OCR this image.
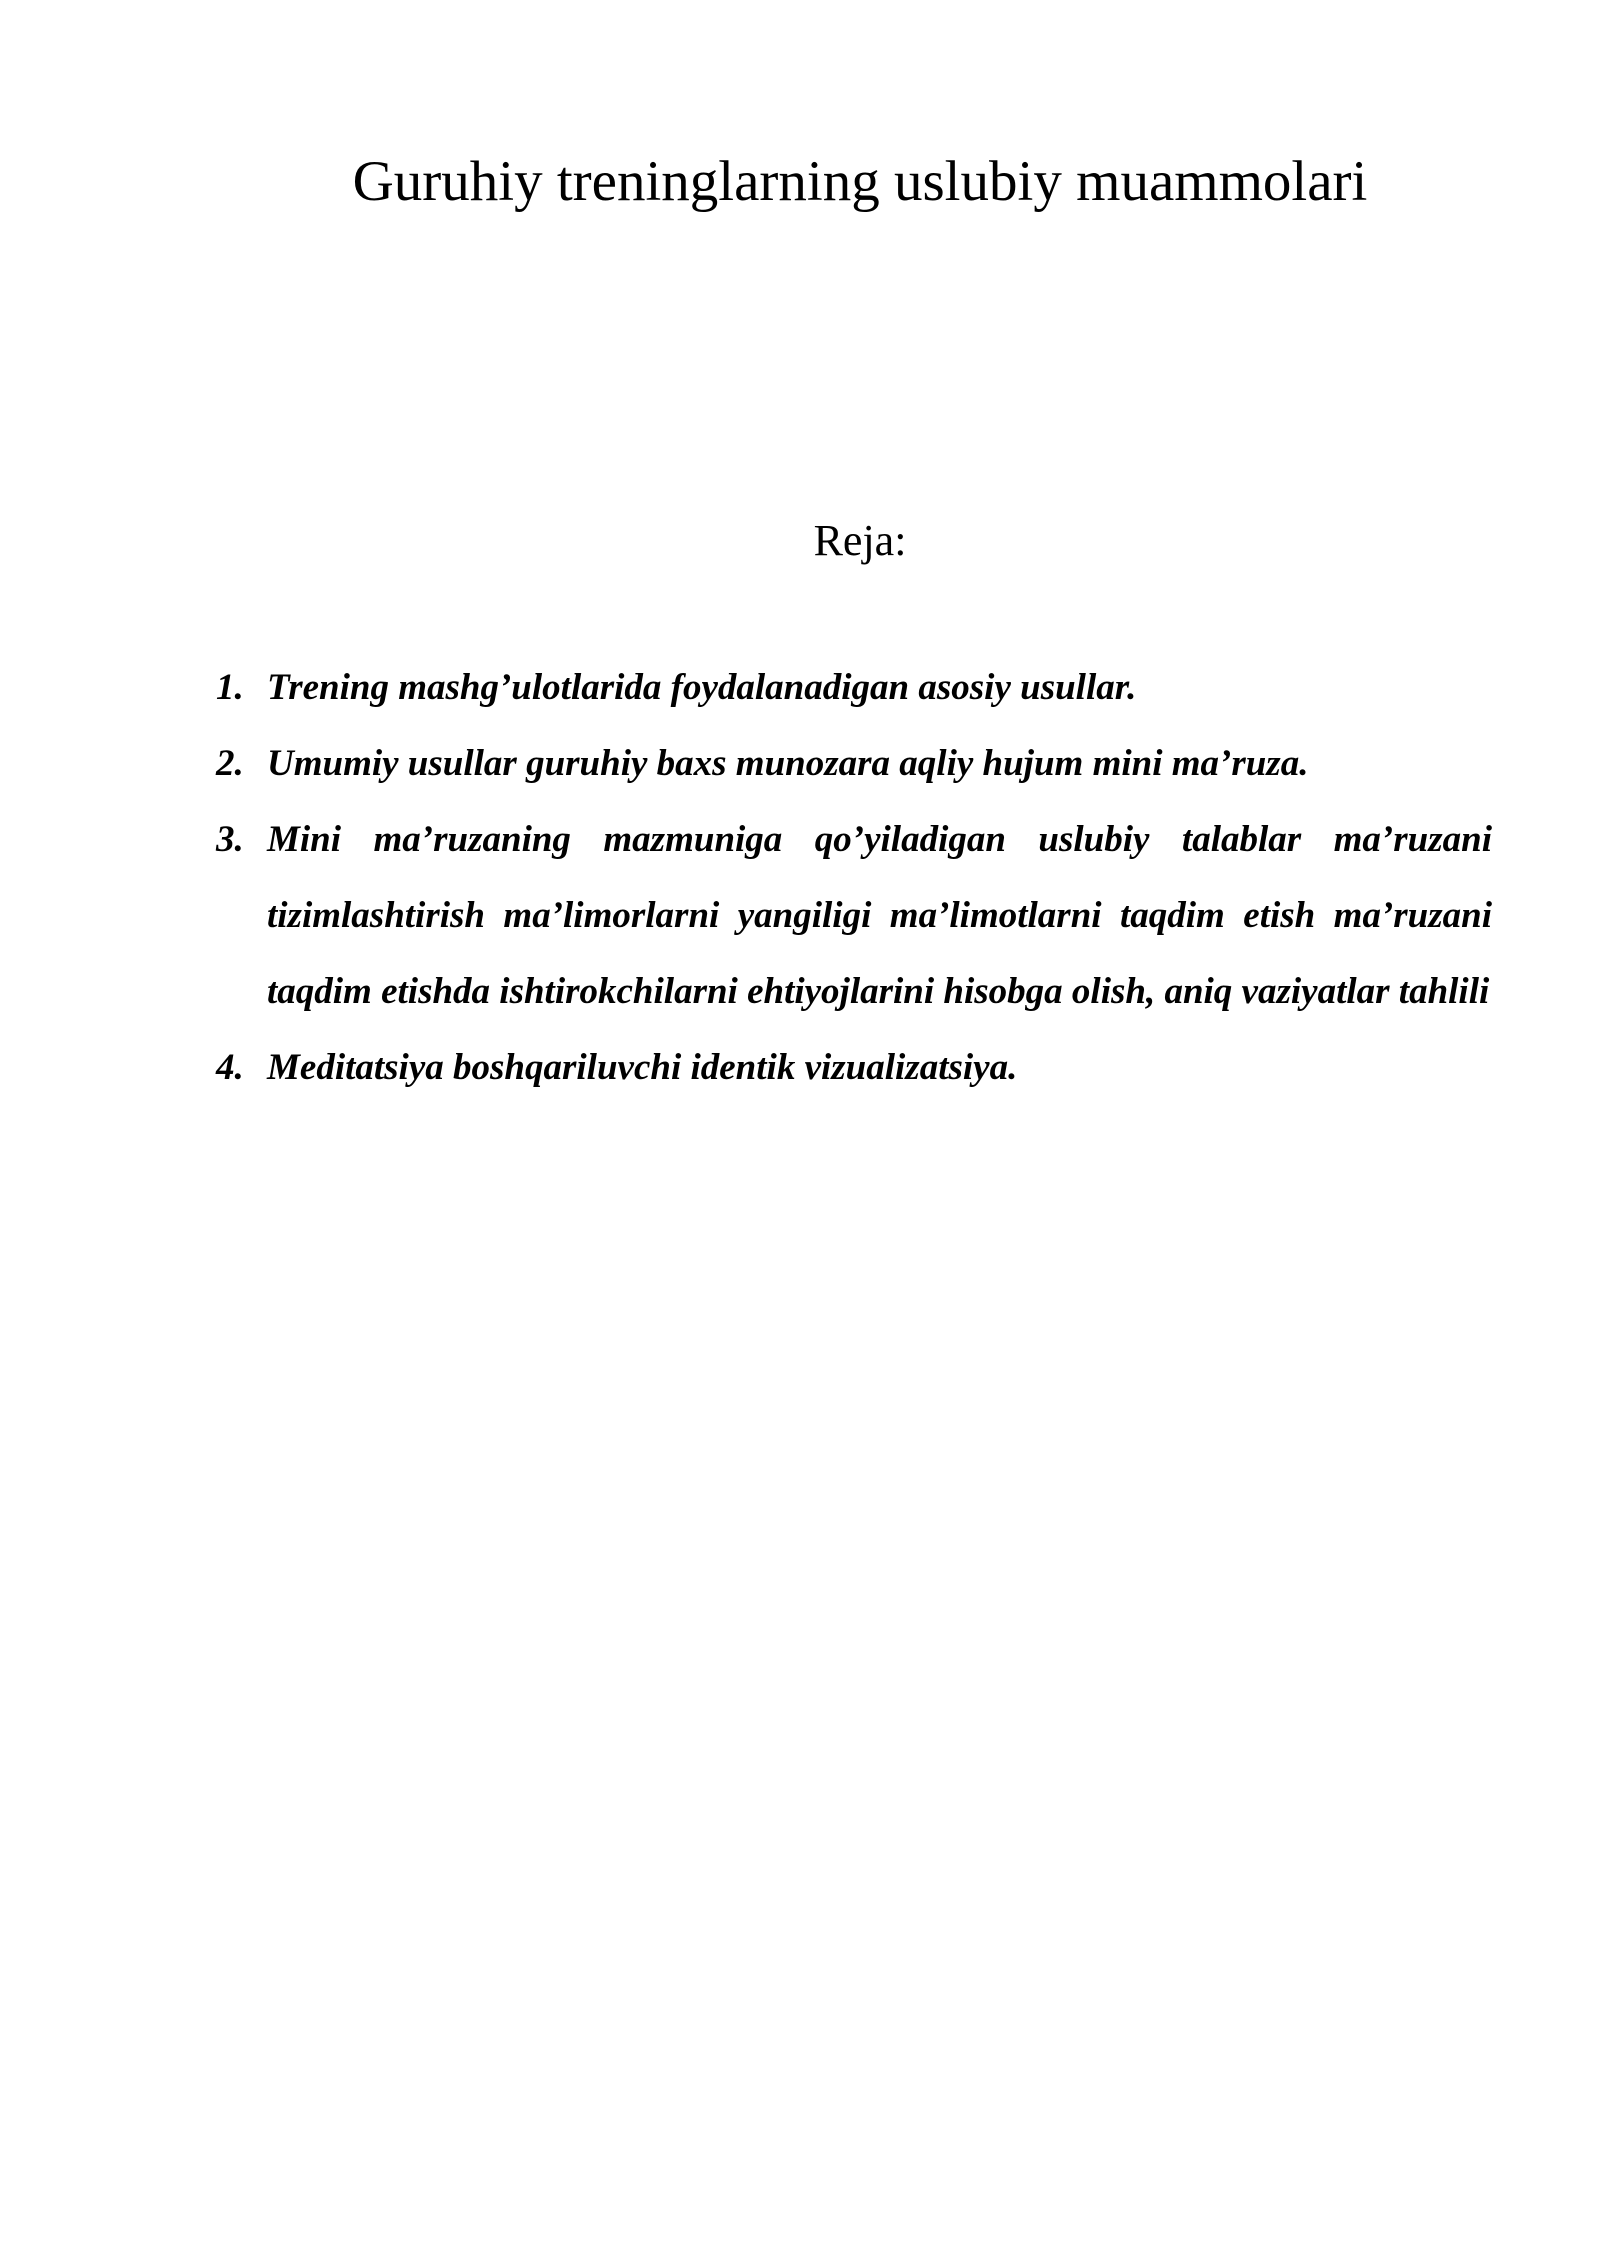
Guruhiy treninglarning uslubiy muammolari
Reja:
1. Trening mashg’ulotlarida foydalanadigan asosiy usullar.
2. Umumiy usullar guruhiy baxs munozara aqliy hujum mini ma’ruza.
3. Mini ma’ruzaning mazmuniga qo’yiladigan uslubiy talablar ma’ruzani tizimlashtirish ma’limorlarni yangiligi ma’limotlarni taqdim etish ma’ruzani taqdim etishda ishtirokchilarni ehtiyojlarini hisobga olish, aniq vaziyatlar tahlili
4. Meditatsiya boshqariluvchi identik vizualizatsiya.
